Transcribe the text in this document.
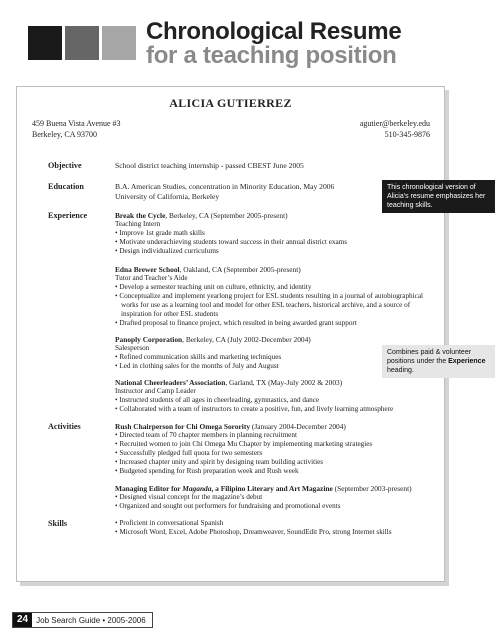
Chronological Resume
for a teaching position
ALICIA GUTIERREZ
459 Buena Vista Avenue #3
Berkeley, CA 93700
agutier@berkeley.edu
510-345-9876
Objective	School district teaching internship - passed CBEST June 2005
Education	B.A. American Studies, concentration in Minority Education, May 2006
University of California, Berkeley
Experience	Break the Cycle, Berkeley, CA (September 2005-present)
Teaching Intern
• Improve 1st grade math skills
• Motivate underachieving students toward success in their annual district exams
• Design individualized curriculums
Edna Brewer School, Oakland, CA (September 2005-present)
Tutor and Teacher’s Aide
• Develop a semester teaching unit on culture, ethnicity, and identity
• Conceptualize and implement yearlong project for ESL students resulting in a journal of autobiographical
works for use as a learning tool and model for other ESL teachers, historical archive, and a source of
inspiration for other ESL students
• Drafted proposal to finance project, which resulted in being awarded grant support
Panoply Corporation, Berkeley, CA (July 2002-December 2004)
Salesperson
• Refined communication skills and marketing techniques
• Led in clothing sales for the months of July and August
National Cheerleaders’ Association, Garland, TX (May-July 2002 & 2003)
Instructor and Camp Leader
• Instructed students of all ages in cheerleading, gymnastics, and dance
• Collaborated with a team of instructors to create a positive, fun, and lively learning atmosphere
Activities	Rush Chairperson for Chi Omega Sorority (January 2004-December 2004)
• Directed team of 70 chapter members in planning recruitment
• Recruited women to join Chi Omega Mu Chapter by implementing marketing strategies
• Successfully pledged full quota for two semesters
• Increased chapter unity and spirit by designing team building activities
• Budgeted spending for Rush preparation week and Rush week
Managing Editor for Maganda, a Filipino Literary and Art Magazine (September 2003-present)
• Designed visual concept for the magazine’s debut
• Organized and sought out performers for fundraising and promotional events
Skills	• Proficient in conversational Spanish
• Microsoft Word, Excel, Adobe Photoshop, Dreamweaver, SoundEdit Pro, strong Internet skills
This chronological version of Alicia’s resume emphasizes her teaching skills.
Combines paid & volunteer positions under the Experience heading.
24	Job Search Guide • 2005-2006
